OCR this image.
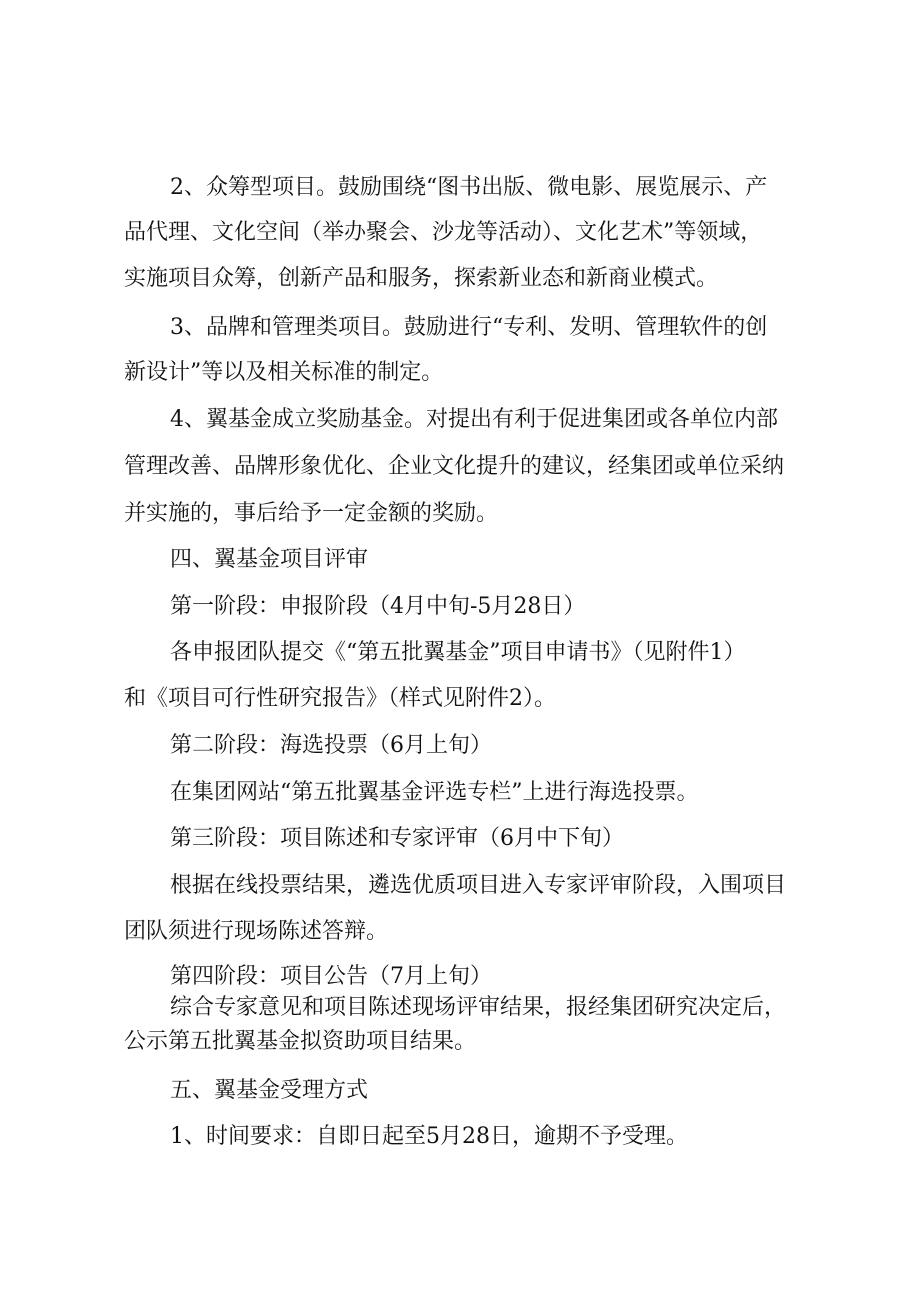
2、众筹型项目。鼓励围绕“图书出版、微电影、展览展示、产
品代理、文化空间（举办聚会、沙龙等活动）、文化艺术”等领域，
实施项目众筹，创新产品和服务，探索新业态和新商业模式。
3、品牌和管理类项目。鼓励进行“专利、发明、管理软件的创
新设计”等以及相关标准的制定。
4、翼基金成立奖励基金。对提出有利于促进集团或各单位内部
管理改善、品牌形象优化、企业文化提升的建议，经集团或单位采纳
并实施的，事后给予一定金额的奖励。
四、翼基金项目评审
第一阶段：申报阶段（4月中旬-5月28日）
各申报团队提交《“第五批翼基金”项目申请书》（见附件1）
和《项目可行性研究报告》（样式见附件2）。
第二阶段：海选投票（6月上旬）
在集团网站“第五批翼基金评选专栏”上进行海选投票。
第三阶段：项目陈述和专家评审（6月中下旬）
根据在线投票结果，遴选优质项目进入专家评审阶段，入围项目
团队须进行现场陈述答辩。
第四阶段：项目公告（7月上旬）
综合专家意见和项目陈述现场评审结果，报经集团研究决定后，
公示第五批翼基金拟资助项目结果。
五、翼基金受理方式
1、时间要求：自即日起至5月28日，逾期不予受理。
